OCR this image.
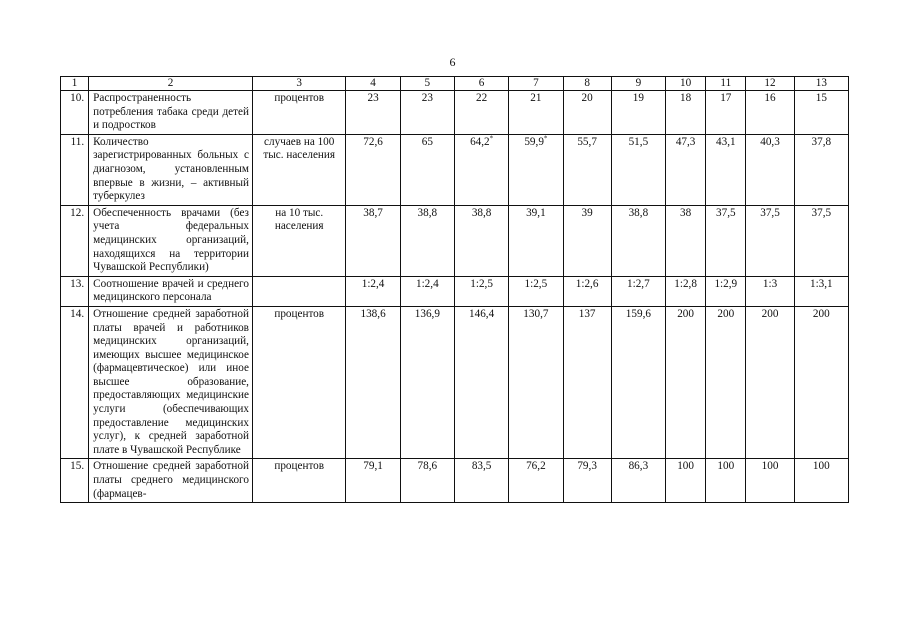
6
1	2	3	4	5	6	7	8	9	10	11	12	13
10.	Распространенность потребления табака среди детей и подростков	процентов	23	23	22	21	20	19	18	17	16	15
11.	Количество зарегистрированных больных с диагнозом, установленным впервые в жизни, – активный туберкулез	случаев на 100 тыс. населения	72,6	65	64,2*	59,9*	55,7	51,5	47,3	43,1	40,3	37,8
12.	Обеспеченность врачами (без учета федеральных медицинских организаций, находящихся на территории Чувашской Республики)	на 10 тыс. населения	38,7	38,8	38,8	39,1	39	38,8	38	37,5	37,5	37,5
13.	Соотношение врачей и среднего медицинского персонала		1:2,4	1:2,4	1:2,5	1:2,5	1:2,6	1:2,7	1:2,8	1:2,9	1:3	1:3,1
14.	Отношение средней заработной платы врачей и работников медицинских организаций, имеющих высшее медицинское (фармацевтическое) или иное высшее образование, предоставляющих медицинские услуги (обеспечивающих предоставление медицинских услуг), к средней заработной плате в Чувашской Республике	процентов	138,6	136,9	146,4	130,7	137	159,6	200	200	200	200
15.	Отношение средней заработной платы среднего медицинского (фармацев-	процентов	79,1	78,6	83,5	76,2	79,3	86,3	100	100	100	100
